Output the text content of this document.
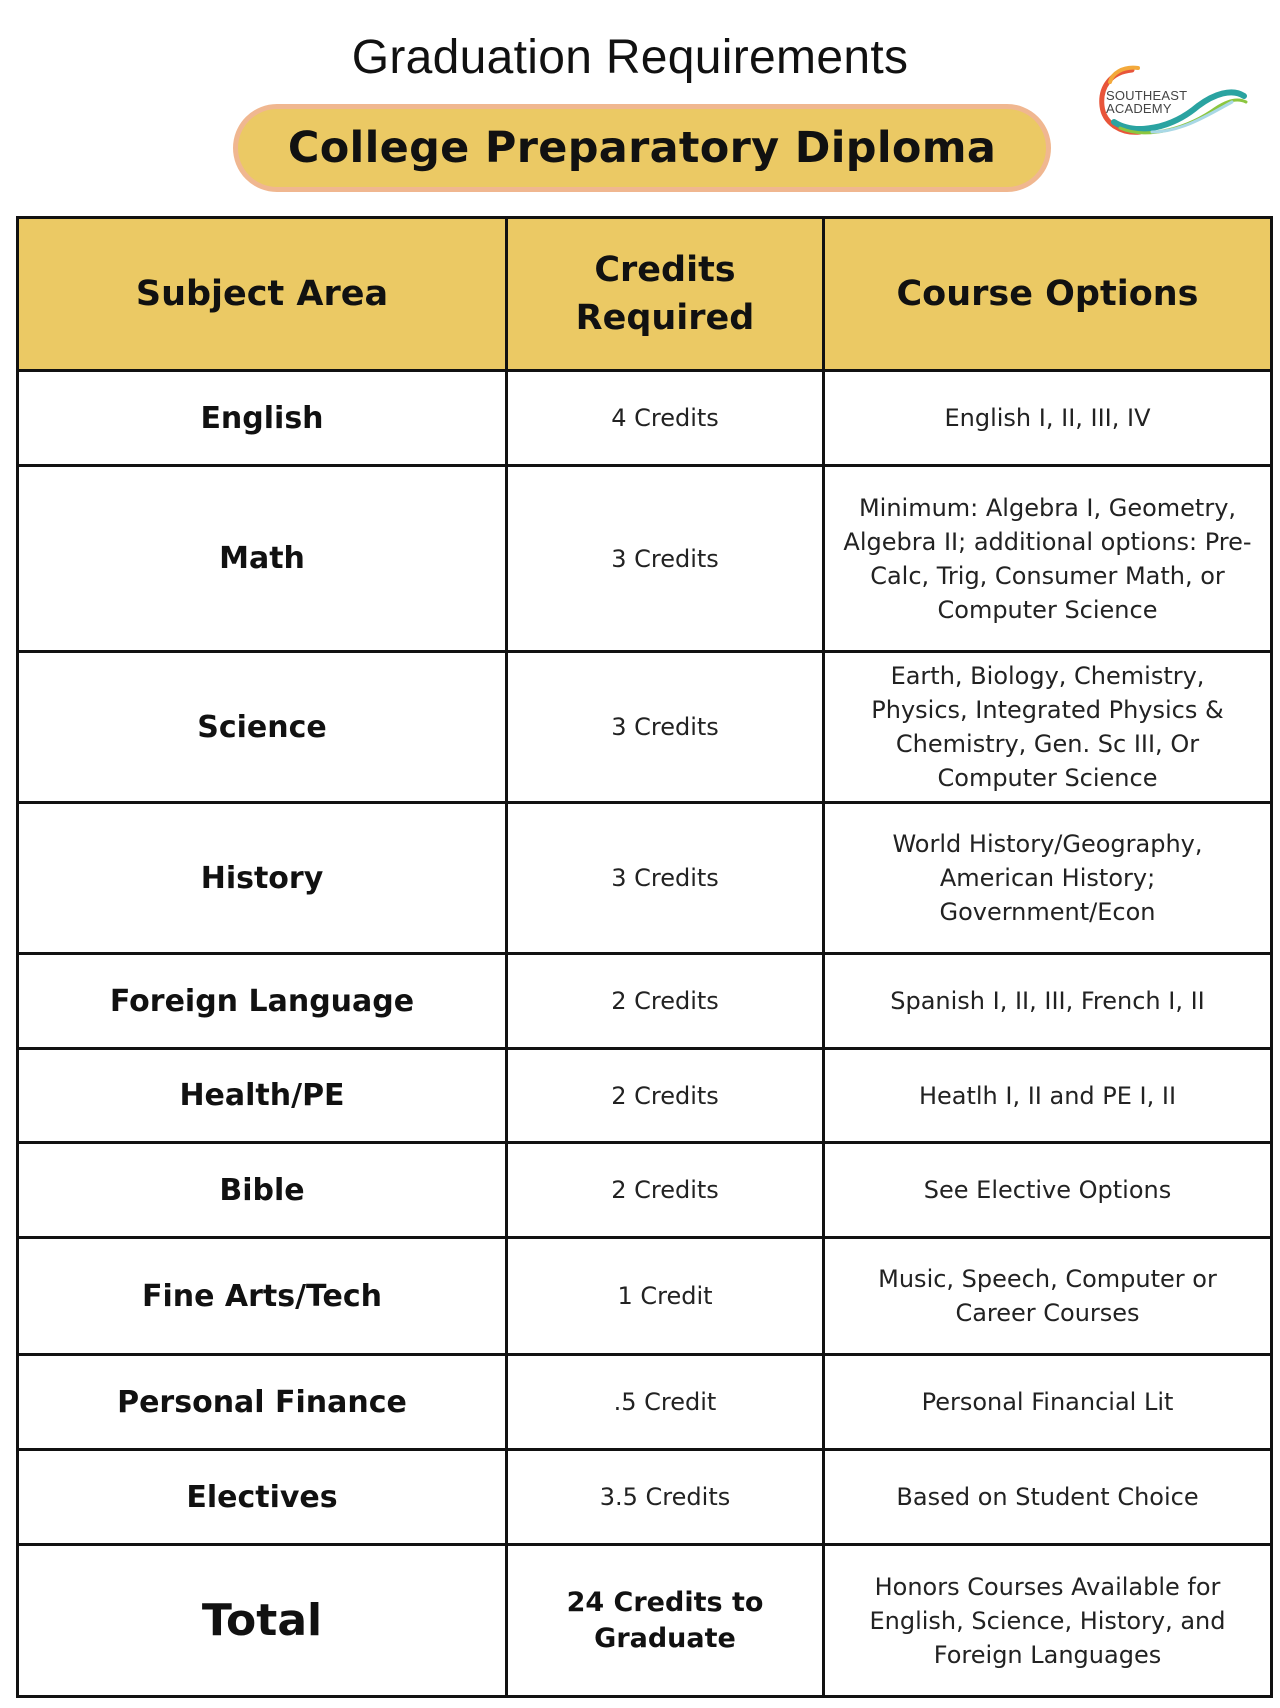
Graduation Requirements
College Preparatory Diploma
SOUTHEAST
ACADEMY
Subject Area	Credits Required	Course Options
English	4 Credits	English I, II, III, IV
Math	3 Credits	Minimum: Algebra I, Geometry, Algebra II; additional options: Pre-Calc, Trig, Consumer Math, or Computer Science
Science	3 Credits	Earth, Biology, Chemistry, Physics, Integrated Physics & Chemistry, Gen. Sc III, Or Computer Science
History	3 Credits	World History/Geography, American History; Government/Econ
Foreign Language	2 Credits	Spanish I, II, III, French I, II
Health/PE	2 Credits	Heatlh I, II and PE I, II
Bible	2 Credits	See Elective Options
Fine Arts/Tech	1 Credit	Music, Speech, Computer or Career Courses
Personal Finance	.5 Credit	Personal Financial Lit
Electives	3.5 Credits	Based on Student Choice
Total	24 Credits to Graduate	Honors Courses Available for English, Science, History, and Foreign Languages
